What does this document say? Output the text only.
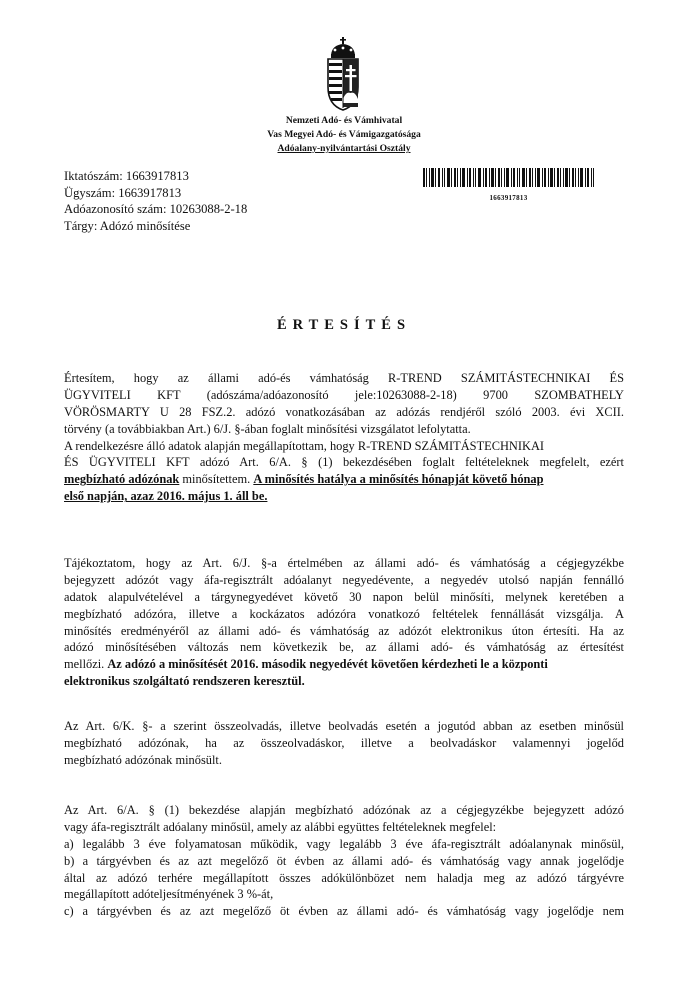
Nemzeti Adó- és Vámhivatal
Vas Megyei Adó- és Vámigazgatósága
Adóalany-nyilvántartási Osztály
Iktatószám: 1663917813
Ügyszám: 1663917813
Adóazonosító szám: 10263088-2-18
Tárgy: Adózó minősítése
1663917813
ÉRTESÍTÉS
Értesítem, hogy az állami adó-és vámhatóság R-TREND SZÁMITÁSTECHNIKAI ÉS
ÜGYVITELI KFT (adószáma/adóazonosító jele:10263088-2-18) 9700 SZOMBATHELY
VÖRÖSMARTY U 28 FSZ.2. adózó vonatkozásában az adózás rendjéről szóló 2003. évi XCII.
törvény (a továbbiakban Art.) 6/J. §-ában foglalt minősítési vizsgálatot lefolytatta.
A rendelkezésre álló adatok alapján megállapítottam, hogy R-TREND SZÁMITÁSTECHNIKAI
ÉS ÜGYVITELI KFT adózó Art. 6/A. § (1) bekezdésében foglalt feltételeknek megfelelt, ezért
megbízható adózónak minősítettem. A minősítés hatálya a minősítés hónapját követő hónap
első napján, azaz 2016. május 1. áll be.
Tájékoztatom, hogy az Art. 6/J. §-a értelmében az állami adó- és vámhatóság a cégjegyzékbe
bejegyzett adózót vagy áfa-regisztrált adóalanyt negyedévente, a negyedév utolsó napján fennálló
adatok alapulvételével a tárgynegyedévet követő 30 napon belül minősíti, melynek keretében a
megbízható adózóra, illetve a kockázatos adózóra vonatkozó feltételek fennállását vizsgálja. A
minősítés eredményéről az állami adó- és vámhatóság az adózót elektronikus úton értesíti. Ha az
adózó minősítésében változás nem következik be, az állami adó- és vámhatóság az értesítést
mellőzi. Az adózó a minősítését 2016. második negyedévét követően kérdezheti le a központi
elektronikus szolgáltató rendszeren keresztül.
Az Art. 6/K. §- a szerint összeolvadás, illetve beolvadás esetén a jogutód abban az esetben minősül
megbízható adózónak, ha az összeolvadáskor, illetve a beolvadáskor valamennyi jogelőd
megbízható adózónak minősült.
Az Art. 6/A. § (1) bekezdése alapján megbízható adózónak az a cégjegyzékbe bejegyzett adózó
vagy áfa-regisztrált adóalany minősül, amely az alábbi együttes feltételeknek megfelel:
a) legalább 3 éve folyamatosan működik, vagy legalább 3 éve áfa-regisztrált adóalanynak minősül,
b) a tárgyévben és az azt megelőző öt évben az állami adó- és vámhatóság vagy annak jogelődje
által az adózó terhére megállapított összes adókülönbözet nem haladja meg az adózó tárgyévre
megállapított adóteljesítményének 3 %-át,
c) a tárgyévben és az azt megelőző öt évben az állami adó- és vámhatóság vagy jogelődje nem
